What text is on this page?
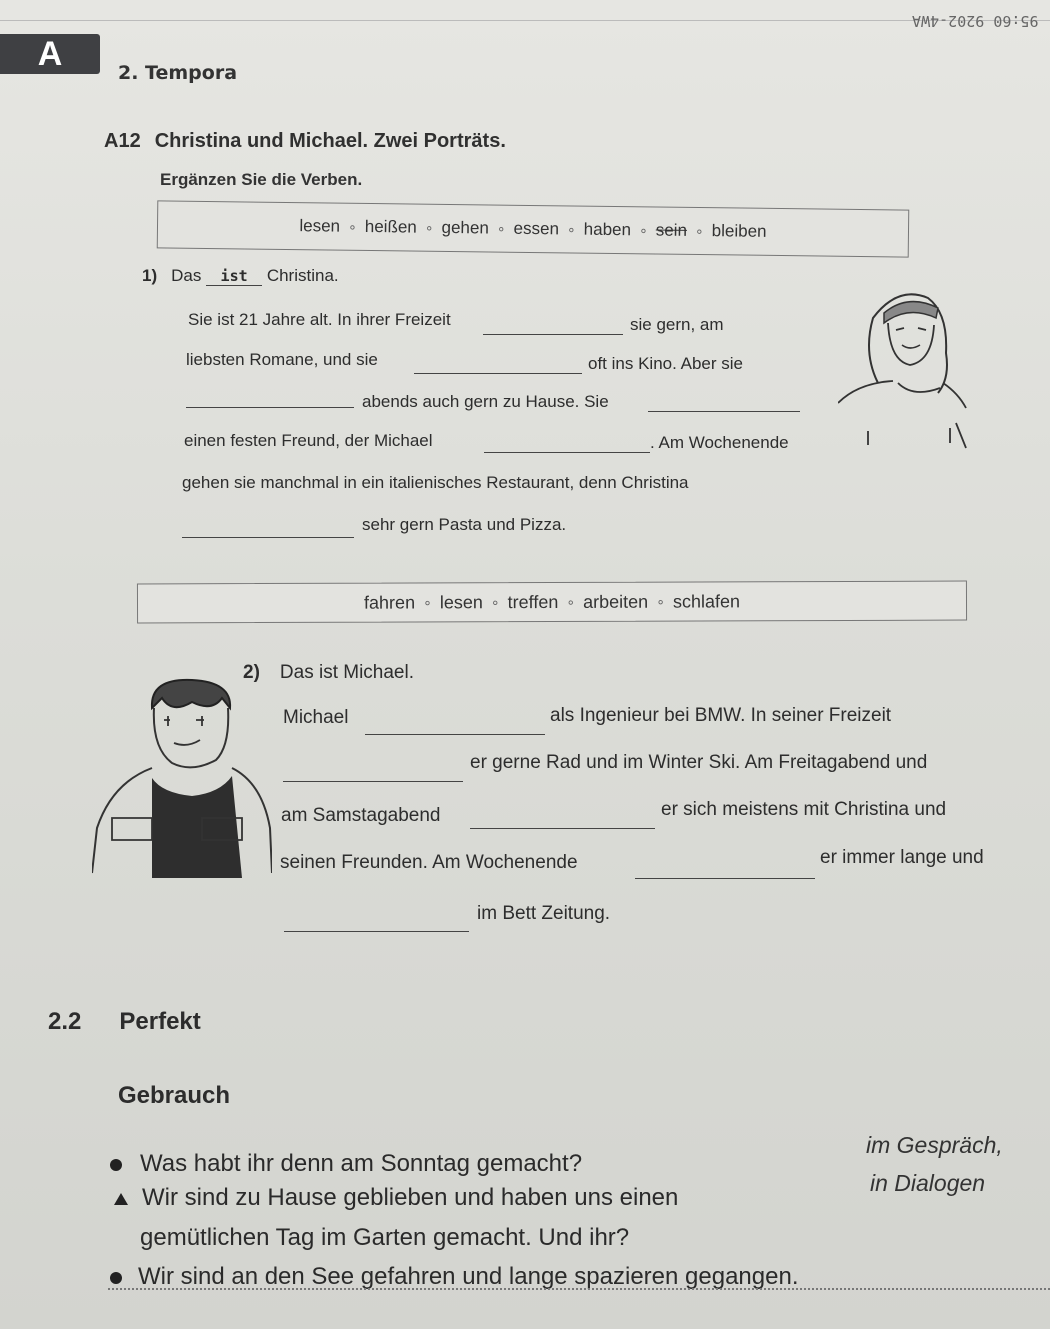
95:60 9202-4WA
A	2. Tempora
A12 Christina und Michael. Zwei Porträts.
Ergänzen Sie die Verben.
lesen ∘ heißen ∘ gehen ∘ essen ∘ haben ∘ sein ∘ bleiben
1) Das ist Christina.
Sie ist 21 Jahre alt. In ihrer Freizeit	sie gern, am
liebsten Romane, und sie	oft ins Kino. Aber sie
abends auch gern zu Hause. Sie
einen festen Freund, der Michael	. Am Wochenende
gehen sie manchmal in ein italienisches Restaurant, denn Christina
sehr gern Pasta und Pizza.
fahren ∘ lesen ∘ treffen ∘ arbeiten ∘ schlafen
2) Das ist Michael.
Michael	als Ingenieur bei BMW. In seiner Freizeit
er gerne Rad und im Winter Ski. Am Freitagabend und
am Samstagabend	er sich meistens mit Christina und
seinen Freunden. Am Wochenende	er immer lange und
im Bett Zeitung.
2.2 Perfekt
Gebrauch
Was habt ihr denn am Sonntag gemacht?
Wir sind zu Hause geblieben und haben uns einen
gemütlichen Tag im Garten gemacht. Und ihr?
Wir sind an den See gefahren und lange spazieren gegangen.
im Gespräch,
in Dialogen
